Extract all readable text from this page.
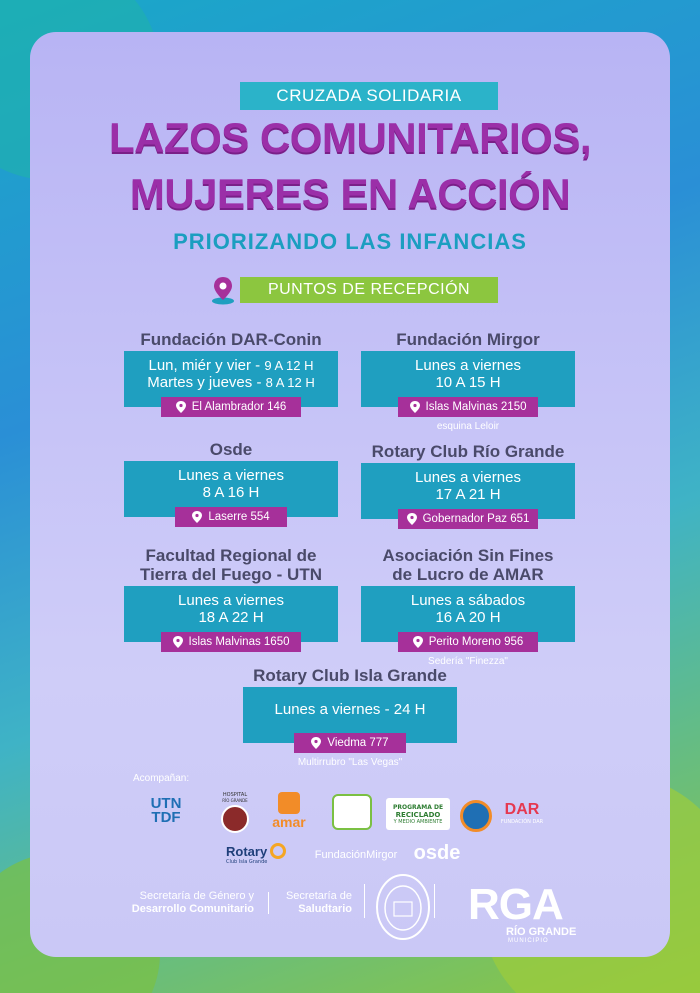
CRUZADA SOLIDARIA
LAZOS COMUNITARIOS,
MUJERES EN ACCIÓN
PRIORIZANDO LAS INFANCIAS
PUNTOS DE RECEPCIÓN
Fundación DAR-Conin
Lun, miér y vier - 9 A 12 H
Martes y jueves - 8 A 12 H
El Alambrador 146
Fundación Mirgor
Lunes a viernes
10 A 15 H
Islas Malvinas 2150
esquina Leloir
Osde
Lunes a viernes
8 A 16 H
Laserre 554
Rotary Club Río Grande
Lunes a viernes
17 A 21 H
Gobernador Paz 651
Facultad Regional de
Tierra del Fuego - UTN
Lunes a viernes
18 A 22 H
Islas Malvinas 1650
Asociación Sin Fines
de Lucro de AMAR
Lunes a sábados
16 A 20 H
Perito Moreno 956
Sedería "Finezza"
Rotary Club Isla Grande
Lunes a viernes - 24 H
Viedma 777
Multirrubro "Las Vegas"
Acompañan:
UTN
TDF
HOSPITAL
RÍO GRANDE
amar
PROGRAMA DE
RECICLADO
Y MEDIO AMBIENTE
DAR
FUNDACIÓN DAR
Rotary
Club Isla Grande
FundaciónMirgor osde
Secretaría de Género y
Desarrollo Comunitario
Secretaría de
Saludtario	RGA
RÍO GRANDE
MUNICIPIO
